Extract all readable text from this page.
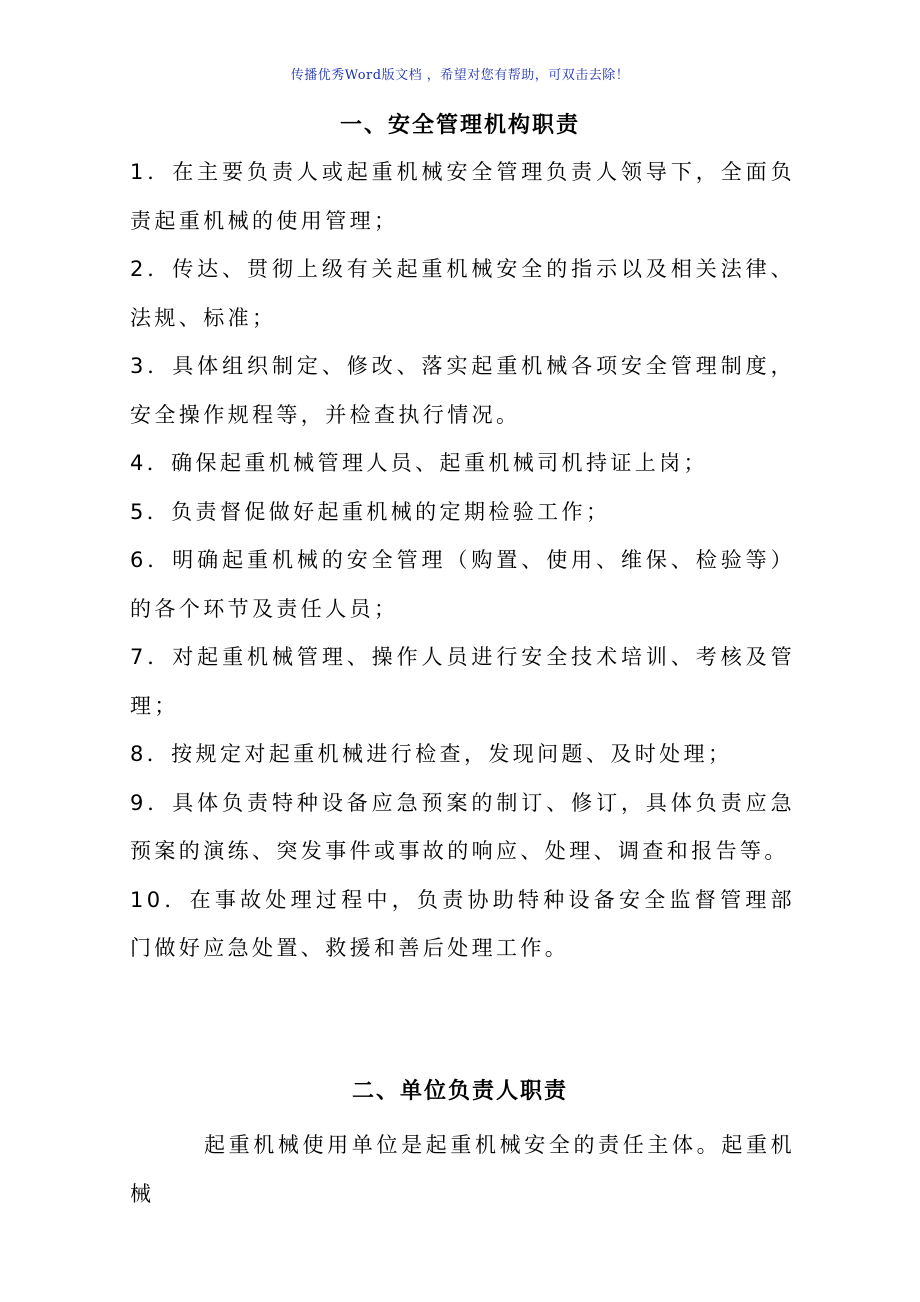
传播优秀Word版文档 ，希望对您有帮助，可双击去除！
一、安全管理机构职责

1．在主要负责人或起重机械安全管理负责人领导下，全面负责起重机械的使用管理；

2．传达、贯彻上级有关起重机械安全的指示以及相关法律、法规、标准；

3．具体组织制定、修改、落实起重机械各项安全管理制度，安全操作规程等，并检查执行情况。

4．确保起重机械管理人员、起重机械司机持证上岗；

5．负责督促做好起重机械的定期检验工作；

6．明确起重机械的安全管理（购置、使用、维保、检验等）的各个环节及责任人员；

7．对起重机械管理、操作人员进行安全技术培训、考核及管理；

8．按规定对起重机械进行检查，发现问题、及时处理；

9．具体负责特种设备应急预案的制订、修订，具体负责应急预案的演练、突发事件或事故的响应、处理、调查和报告等。

10．在事故处理过程中，负责协助特种设备安全监督管理部门做好应急处置、救援和善后处理工作。

二、单位负责人职责
起重机械使用单位是起重机械安全的责任主体。起重机械
